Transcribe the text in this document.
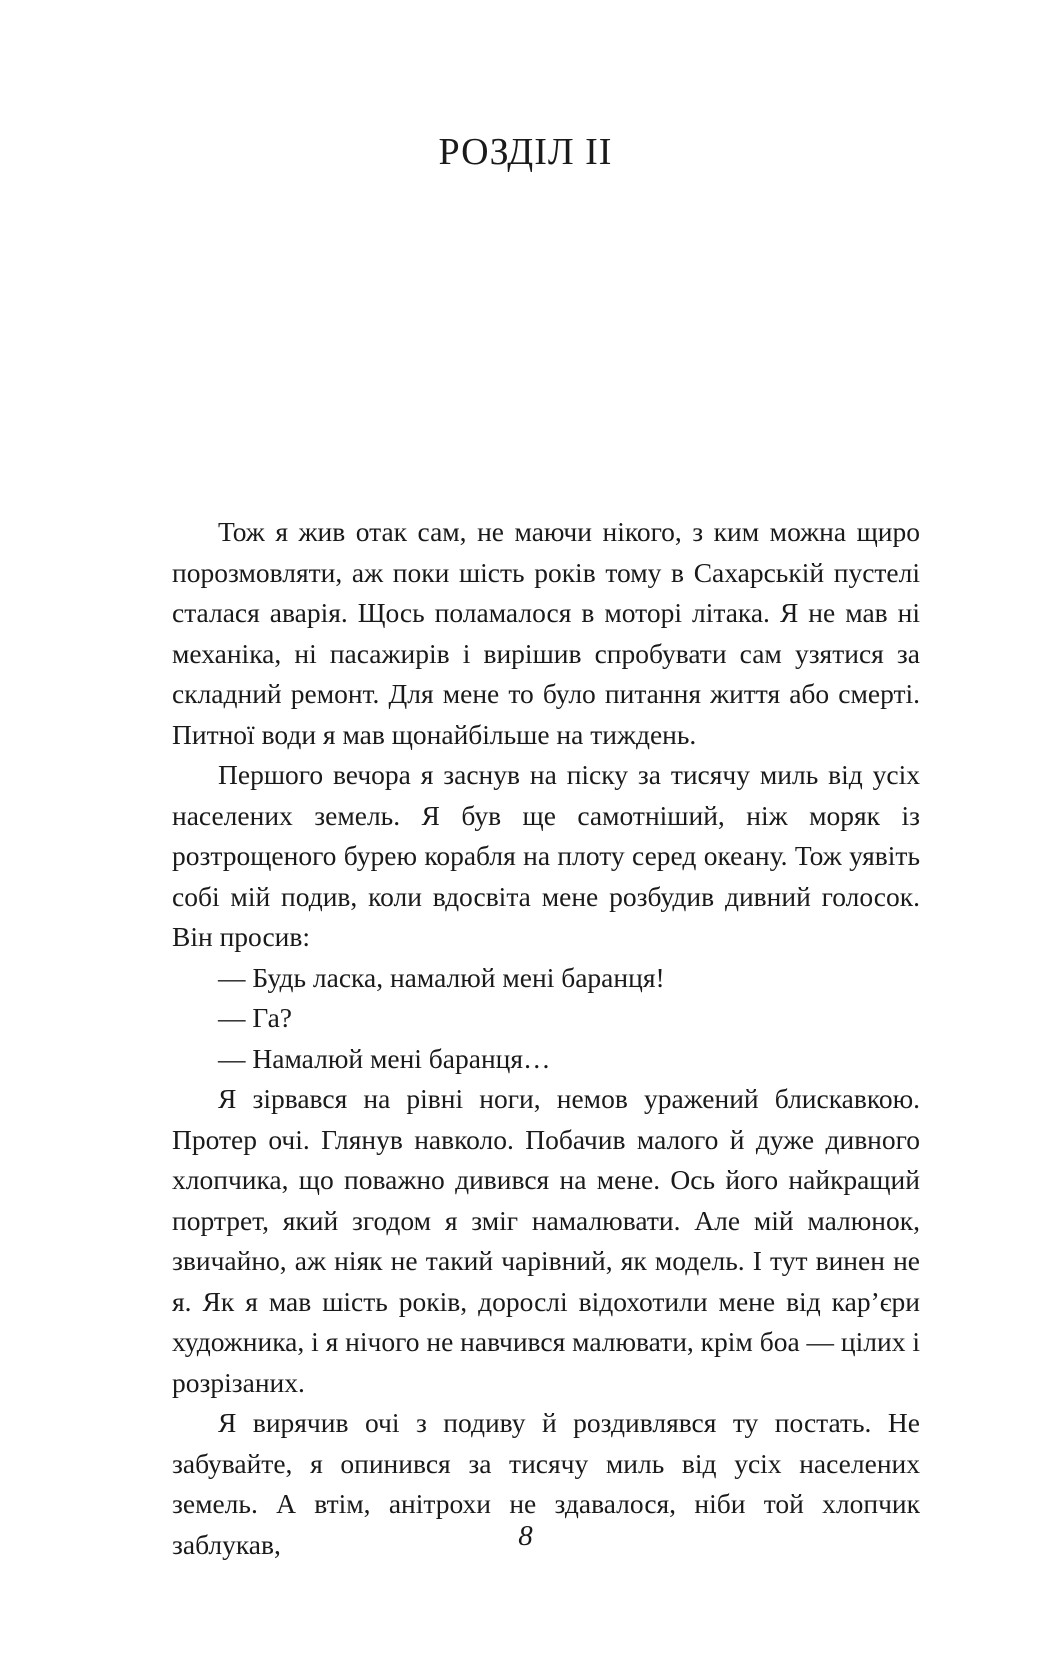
РОЗДІЛ II

Тож я жив отак сам, не маючи нікого, з ким можна щиро порозмовляти, аж поки шість років тому в Сахарській пустелі сталася аварія. Щось поламалося в моторі літака. Я не мав ні механіка, ні пасажирів і вирішив спробувати сам узятися за складний ремонт. Для мене то було питання життя або смерті. Питної води я мав щонайбільше на тиждень.

Першого вечора я заснув на піску за тисячу миль від усіх населених земель. Я був ще самотніший, ніж моряк із розтрощеного бурею корабля на плоту серед океану. Тож уявіть собі мій подив, коли вдосвіта мене розбудив дивний голосок. Він просив:

— Будь ласка, намалюй мені баранця!

— Га?

— Намалюй мені баранця…

Я зірвався на рівні ноги, немов уражений блискавкою. Протер очі. Глянув навколо. Побачив малого й дуже дивного хлопчика, що поважно дивився на мене. Ось його найкращий портрет, який згодом я зміг намалювати. Але мій малюнок, звичайно, аж ніяк не такий чарівний, як модель. І тут винен не я. Як я мав шість років, дорослі відохотили мене від кар’єри художника, і я нічого не навчився малювати, крім боа — цілих і розрізаних.

Я вирячив очі з подиву й роздивлявся ту постать. Не забувайте, я опинився за тисячу миль від усіх населених земель. А втім, анітрохи не здавалося, ніби той хлопчик заблукав,	8
